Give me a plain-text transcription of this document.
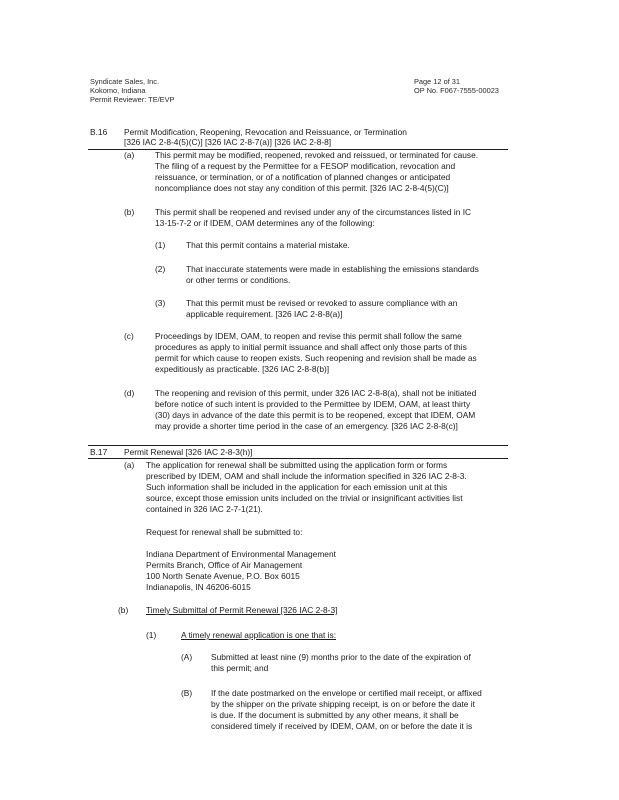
Syndicate Sales, Inc.
Kokomo, Indiana
Permit Reviewer: TE/EVP
Page 12 of 31
OP No. F067-7555-00023
B.16 Permit Modification, Reopening, Revocation and Reissuance, or Termination
[326 IAC 2-8-4(5)(C)] [326 IAC 2-8-7(a)] [326 IAC 2-8-8]
(a) This permit may be modified, reopened, revoked and reissued, or terminated for cause.
The filing of a request by the Permittee for a FESOP modification, revocation and
reissuance, or termination, or of a notification of planned changes or anticipated
noncompliance does not stay any condition of this permit. [326 IAC 2-8-4(5)(C)]
(b) This permit shall be reopened and revised under any of the circumstances listed in IC
13-15-7-2 or if IDEM, OAM determines any of the following:
(1) That this permit contains a material mistake.
(2) That inaccurate statements were made in establishing the emissions standards
or other terms or conditions.
(3) That this permit must be revised or revoked to assure compliance with an
applicable requirement. [326 IAC 2-8-8(a)]
(c)	Proceedings by IDEM, OAM, to reopen and revise this permit shall follow the same
procedures as apply to initial permit issuance and shall affect only those parts of this
permit for which cause to reopen exists. Such reopening and revision shall be made as
expeditiously as practicable. [326 IAC 2-8-8(b)]
(d) The reopening and revision of this permit, under 326 IAC 2-8-8(a), shall not be initiated
before notice of such intent is provided to the Permittee by IDEM, OAM, at least thirty
(30) days in advance of the date this permit is to be reopened, except that IDEM, OAM
may provide a shorter time period in the case of an emergency. [326 IAC 2-8-8(c)]
B.17 Permit Renewal [326 IAC 2-8-3(h)]
(a) The application for renewal shall be submitted using the application form or forms
prescribed by IDEM, OAM and shall include the information specified in 326 IAC 2-8-3.
Such information shall be included in the application for each emission unit at this
source, except those emission units included on the trivial or insignificant activities list
contained in 326 IAC 2-7-1(21).
Request for renewal shall be submitted to:
Indiana Department of Environmental Management
Permits Branch, Office of Air Management
100 North Senate Avenue, P.O. Box 6015
Indianapolis, IN 46206-6015
(b) Timely Submittal of Permit Renewal [326 IAC 2-8-3]
(1)	A timely renewal application is one that is:
(A) Submitted at least nine (9) months prior to the date of the expiration of
this permit; and
(B) If the date postmarked on the envelope or certified mail receipt, or affixed
by the shipper on the private shipping receipt, is on or before the date it
is due. If the document is submitted by any other means, it shall be
considered timely if received by IDEM, OAM, on or before the date it is
